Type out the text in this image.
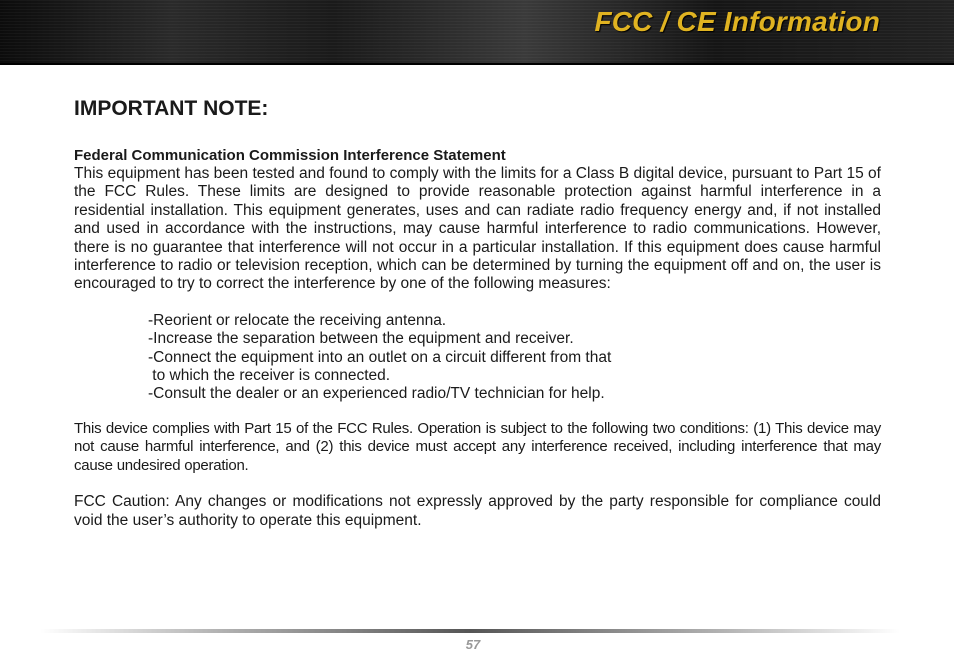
FCC / CE Information
IMPORTANT NOTE:

Federal Communication Commission Interference Statement

This equipment has been tested and found to comply with the limits for a Class B digital device, pursuant to Part 15 of the FCC Rules. These limits are designed to provide reasonable protection against harmful interference in a residential installation. This equipment generates, uses and can radiate radio frequency energy and, if not installed and used in accordance with the instructions, may cause harmful interference to radio communications. However, there is no guarantee that interference will not occur in a particular installation. If this equipment does cause harmful interference to radio or television reception, which can be determined by turning the equipment off and on, the user is encouraged to try to correct the interference by one of the following measures:

-Reorient or relocate the receiving antenna.
-Increase the separation between the equipment and receiver.
-Connect the equipment into an outlet on a circuit different from that
to which the receiver is connected.
-Consult the dealer or an experienced radio/TV technician for help.

This device complies with Part 15 of the FCC Rules. Operation is subject to the following two conditions: (1) This device may not cause harmful interference, and (2) this device must accept any interference received, including interference that may cause undesired operation.

FCC Caution: Any changes or modifications not expressly approved by the party responsible for compliance could void the user’s authority to operate this equipment.

57
